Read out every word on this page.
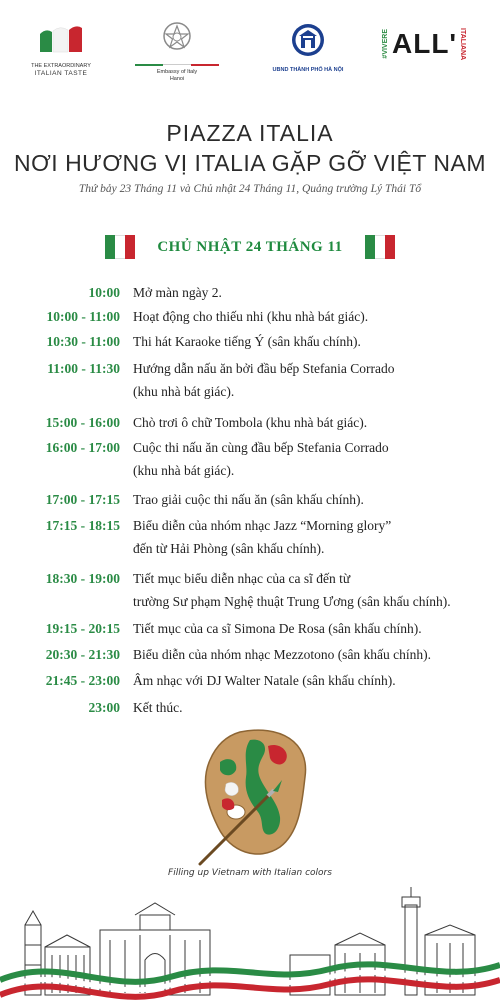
THE EXTRAORDINARY
ITALIAN TASTE	Embassy of Italy
Hanoi
UBND THÀNH PHỐ HÀ NỘI
#VIVERE ALL' ITALIANA
PIAZZA ITALIA
NƠI HƯƠNG VỊ ITALIA GẶP GỠ VIỆT NAM
Thứ bảy 23 Tháng 11 và Chủ nhật 24 Tháng 11, Quảng trường Lý Thái Tổ
CHỦ NHẬT 24 THÁNG 11
10:00 Mở màn ngày 2.
10:00 - 11:00 Hoạt động cho thiếu nhi (khu nhà bát giác).
10:30 - 11:00 Thi hát Karaoke tiếng Ý (sân khấu chính).
11:00 - 11:30 Hướng dẫn nấu ăn bởi đầu bếp Stefania Corrado
(khu nhà bát giác).
15:00 - 16:00 Chò trơi ô chữ Tombola (khu nhà bát giác).
16:00 - 17:00 Cuộc thi nấu ăn cùng đầu bếp Stefania Corrado
(khu nhà bát giác).
17:00 - 17:15 Trao giải cuộc thi nấu ăn (sân khấu chính).
17:15 - 18:15 Biểu diễn của nhóm nhạc Jazz “Morning glory”
đến từ Hải Phòng (sân khấu chính).
18:30 - 19:00 Tiết mục biểu diễn nhạc của ca sĩ đến từ
trường Sư phạm Nghệ thuật Trung Ương (sân khấu chính).
19:15 - 20:15 Tiết mục của ca sĩ Simona De Rosa (sân khấu chính).
20:30 - 21:30 Biểu diễn của nhóm nhạc Mezzotono (sân khấu chính).
21:45 - 23:00 Âm nhạc với DJ Walter Natale (sân khấu chính).
23:00 Kết thúc.
Filling up Vietnam with Italian colors
